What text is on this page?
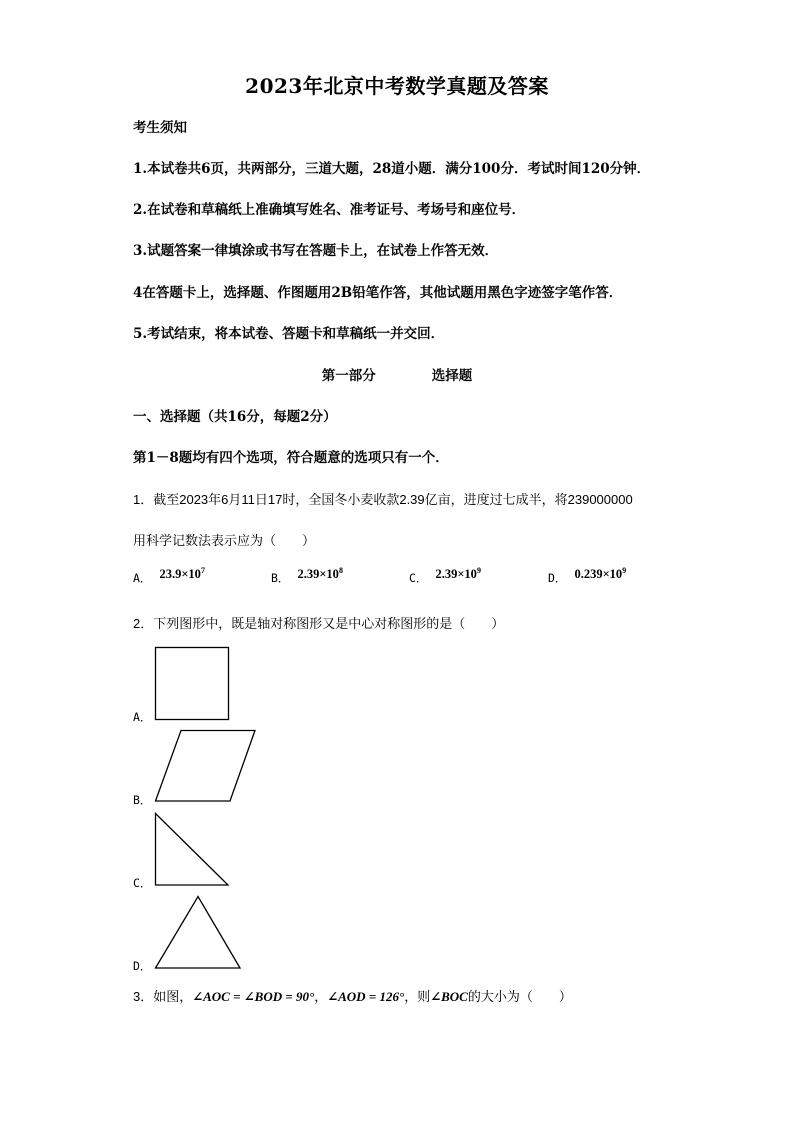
2023年北京中考数学真题及答案
考生须知
1.本试卷共6页，共两部分，三道大题，28道小题．满分100分．考试时间120分钟．
2.在试卷和草稿纸上准确填写姓名、准考证号、考场号和座位号．
3.试题答案一律填涂或书写在答题卡上，在试卷上作答无效．
4在答题卡上，选择题、作图题用2B铅笔作答，其他试题用黑色字迹签字笔作答．
5.考试结束，将本试卷、答题卡和草稿纸一并交回．
第一部分	选择题
一、选择题（共16分，每题2分）
第1－8题均有四个选项，符合题意的选项只有一个．
1．截至2023年6月11日17时，全国冬小麦收款2.39亿亩，进度过七成半，将239000000
用科学记数法表示应为（　　）
A． $23.9\times 10^7$
B． $2.39\times 10^8$
C． $2.39\times 10^9$
D． $0.239\times 10^9$
2．下列图形中，既是轴对称图形又是中心对称图形的是（　　）
A．
B．
C．
D．
3．如图，∠AOC = ∠BOD = 90°，∠AOD = 126°，则∠BOC的大小为（　　）
